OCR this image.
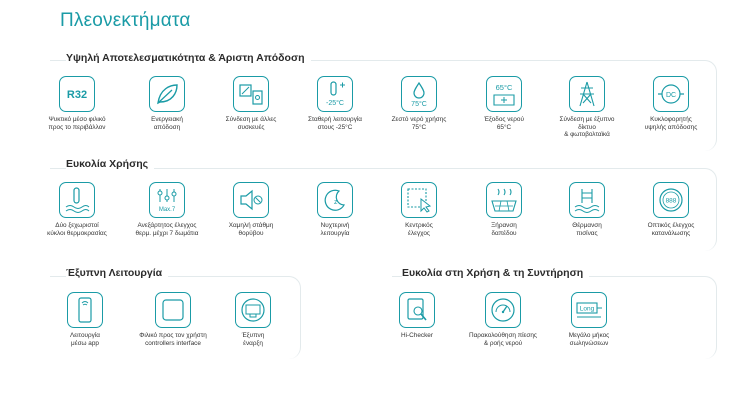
Πλεονεκτήματα
Υψηλή Αποτελεσματικότητα & Άριστη Απόδοση
Ευκολία Χρήσης
Έξυπνη Λειτουργία	Ευκολία στη Χρήση & τη Συντήρηση
R32
Ψυκτικό μέσο φιλικό
προς το περιβάλλον
Ενεργειακή
απόδοση
Σύνδεση με άλλες
συσκευές
-25°C
Σταθερή λειτουργία
στους -25°C
75°C
Ζεστό νερό χρήσης
75°C
65°C
Έξοδος νερού
65°C
Σύνδεση με έξυπνο δίκτυο
& φωτοβολταϊκά
DC
Κυκλοφορητής
υψηλής απόδοσης
Δύο ξεχωριστοί
κύκλοι θερμοκρασίας
Max.7
Ανεξάρτητος έλεγχος
θερμ. μέχρι 7 δωμάτια
Χαμηλή στάθμη
θορύβου
z
Νυχτερινή
λειτουργία
Κεντρικός
έλεγχος
Ξήρανση
δαπέδου
Θέρμανση
πισίνας
888
Οπτικός έλεγχος
κατανάλωσης
Λειτουργία
μέσω app
Φιλικό προς τον χρήστη
controllers interface
Έξυπνη
έναρξη
Hi-Checker	Παρακολούθηση πίεσης
& ροής νερού
Long
Μεγάλο μήκος
σωληνώσεων
